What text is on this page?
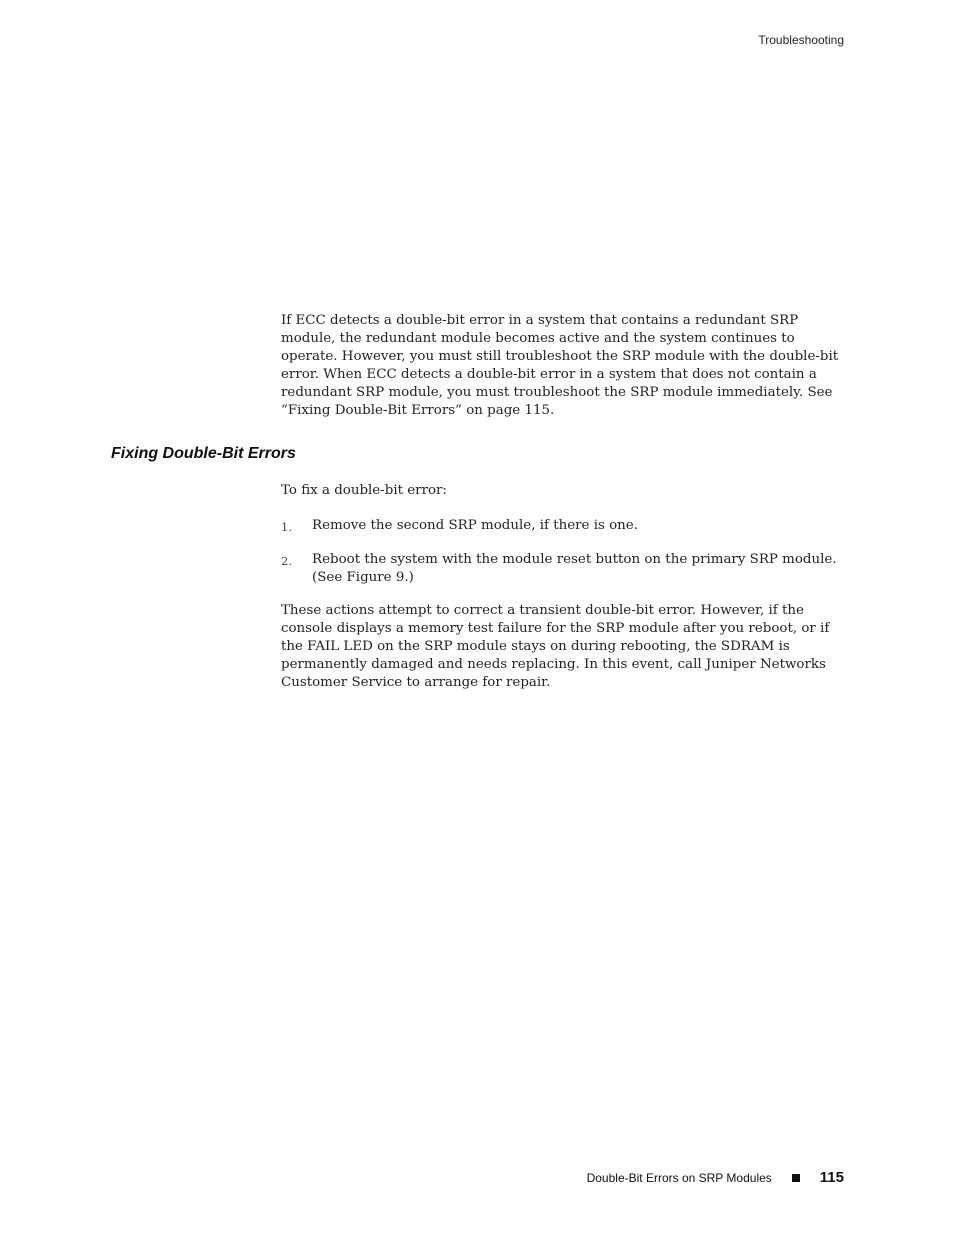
Troubleshooting

If ECC detects a double-bit error in a system that contains a redundant SRP module, the redundant module becomes active and the system continues to operate. However, you must still troubleshoot the SRP module with the double-bit error. When ECC detects a double-bit error in a system that does not contain a redundant SRP module, you must troubleshoot the SRP module immediately. See “Fixing Double-Bit Errors” on page 115.

Fixing Double-Bit Errors

To fix a double-bit error:

1. Remove the second SRP module, if there is one.
2. Reboot the system with the module reset button on the primary SRP module. (See Figure 9.)

These actions attempt to correct a transient double-bit error. However, if the console displays a memory test failure for the SRP module after you reboot, or if the FAIL LED on the SRP module stays on during rebooting, the SDRAM is permanently damaged and needs replacing. In this event, call Juniper Networks Customer Service to arrange for repair.

Double-Bit Errors on SRP Modules	115
